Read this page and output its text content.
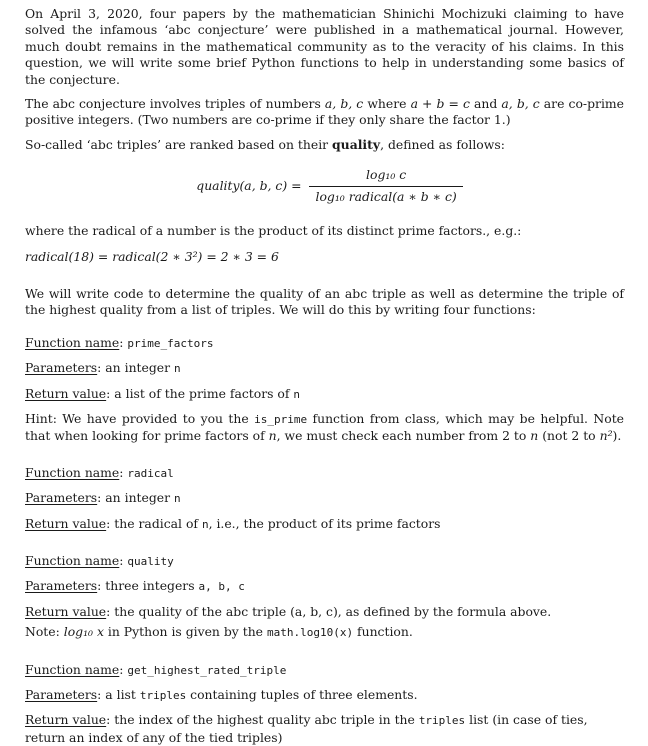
On April 3, 2020, four papers by the mathematician Shinichi Mochizuki claiming to have solved the infamous ‘abc conjecture’ were published in a mathematical journal. However, much doubt remains in the mathematical community as to the veracity of his claims. In this question, we will write some brief Python functions to help in understanding some basics of the conjecture.

The abc conjecture involves triples of numbers a, b, c where a + b = c and a, b, c are co-prime positive integers. (Two numbers are co-prime if they only share the factor 1.)

So-called ‘abc triples’ are ranked based on their quality, defined as follows:

quality(a, b, $c) = \frac{\text{log₁₀ c}}{\text{log₁₀ radical(a ∗ b ∗ c)}}$

where the radical of a number is the product of its distinct prime factors., e.g.:

radical(18) = radical(2 ∗ 3²) = 2 ∗ 3 = 6

We will write code to determine the quality of an abc triple as well as determine the triple of the highest quality from a list of triples. We will do this by writing four functions:

Function name: prime_factors

Parameters: an integer n

Return value: a list of the prime factors of n

Hint: We have provided to you the is_prime function from class, which may be helpful. Note that when looking for prime factors of n, we must check each number from 2 to n (not 2 to n²).

Function name: radical

Parameters: an integer n

Return value: the radical of n, i.e., the product of its prime factors

Function name: quality

Parameters: three integers a, b, c

Return value: the quality of the abc triple (a, b, c), as defined by the formula above.

Note: log₁₀ x in Python is given by the math.log10(x) function.

Function name: get_highest_rated_triple

Parameters: a list triples containing tuples of three elements.

Return value: the index of the highest quality abc triple in the triples list (in case of ties, return an index of any of the tied triples)
